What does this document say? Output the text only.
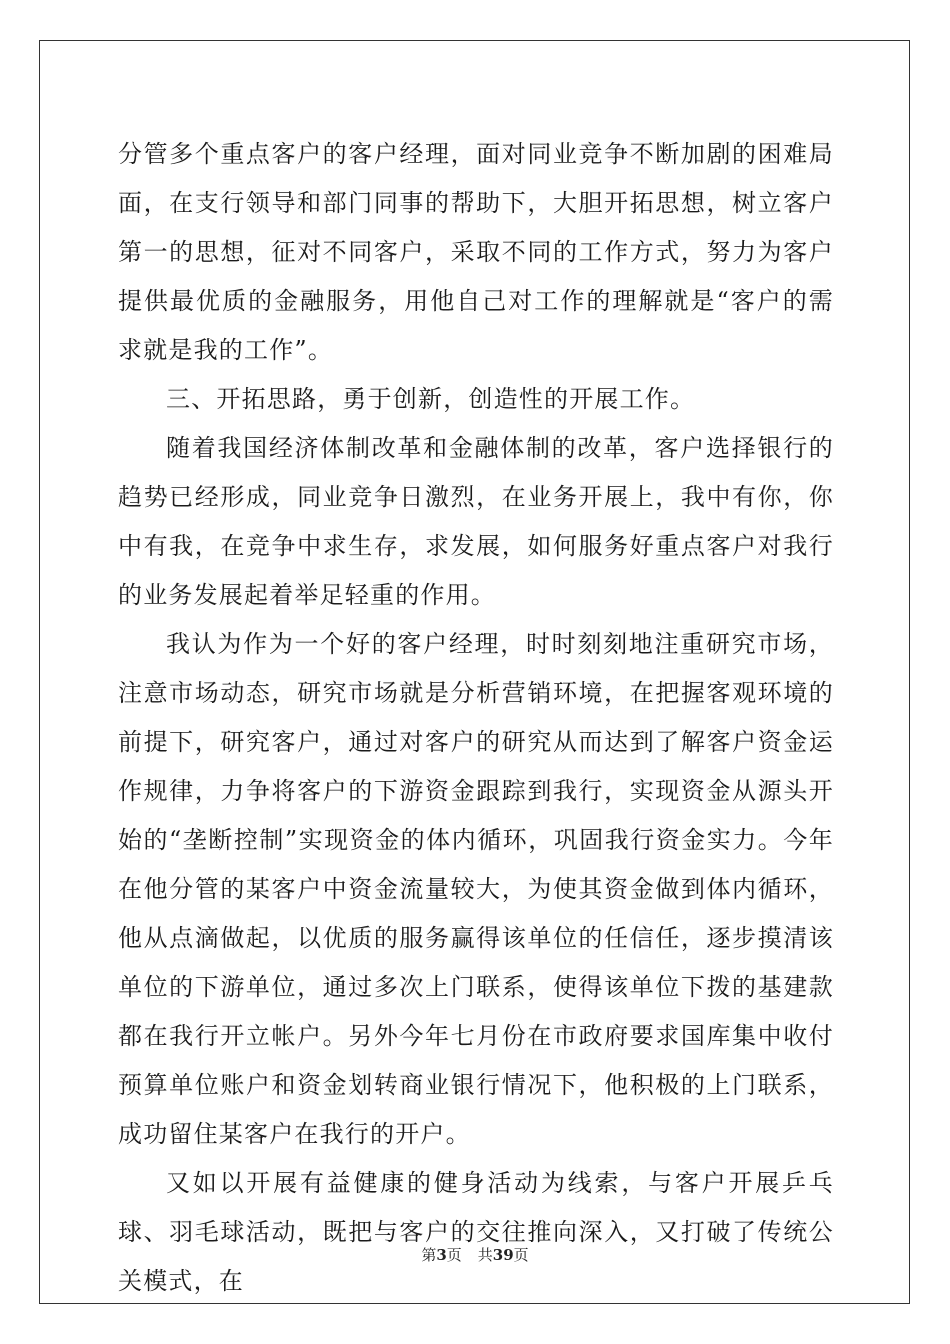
分管多个重点客户的客户经理，面对同业竞争不断加剧的困难局面，在支行领导和部门同事的帮助下，大胆开拓思想，树立客户第一的思想，征对不同客户，采取不同的工作方式，努力为客户提供最优质的金融服务，用他自己对工作的理解就是“客户的需求就是我的工作”。

三、开拓思路，勇于创新，创造性的开展工作。

随着我国经济体制改革和金融体制的改革，客户选择银行的趋势已经形成，同业竞争日激烈，在业务开展上，我中有你，你中有我，在竞争中求生存，求发展，如何服务好重点客户对我行的业务发展起着举足轻重的作用。

我认为作为一个好的客户经理，时时刻刻地注重研究市场，注意市场动态，研究市场就是分析营销环境，在把握客观环境的前提下，研究客户，通过对客户的研究从而达到了解客户资金运作规律，力争将客户的下游资金跟踪到我行，实现资金从源头开始的“垄断控制”实现资金的体内循环，巩固我行资金实力。今年在他分管的某客户中资金流量较大，为使其资金做到体内循环，他从点滴做起，以优质的服务赢得该单位的任信任，逐步摸清该单位的下游单位，通过多次上门联系，使得该单位下拨的基建款都在我行开立帐户。另外今年七月份在市政府要求国库集中收付预算单位账户和资金划转商业银行情况下，他积极的上门联系，成功留住某客户在我行的开户。

又如以开展有益健康的健身活动为线索，与客户开展乒乓球、羽毛球活动，既把与客户的交往推向深入，又打破了传统公关模式，在

第3页 共39页
